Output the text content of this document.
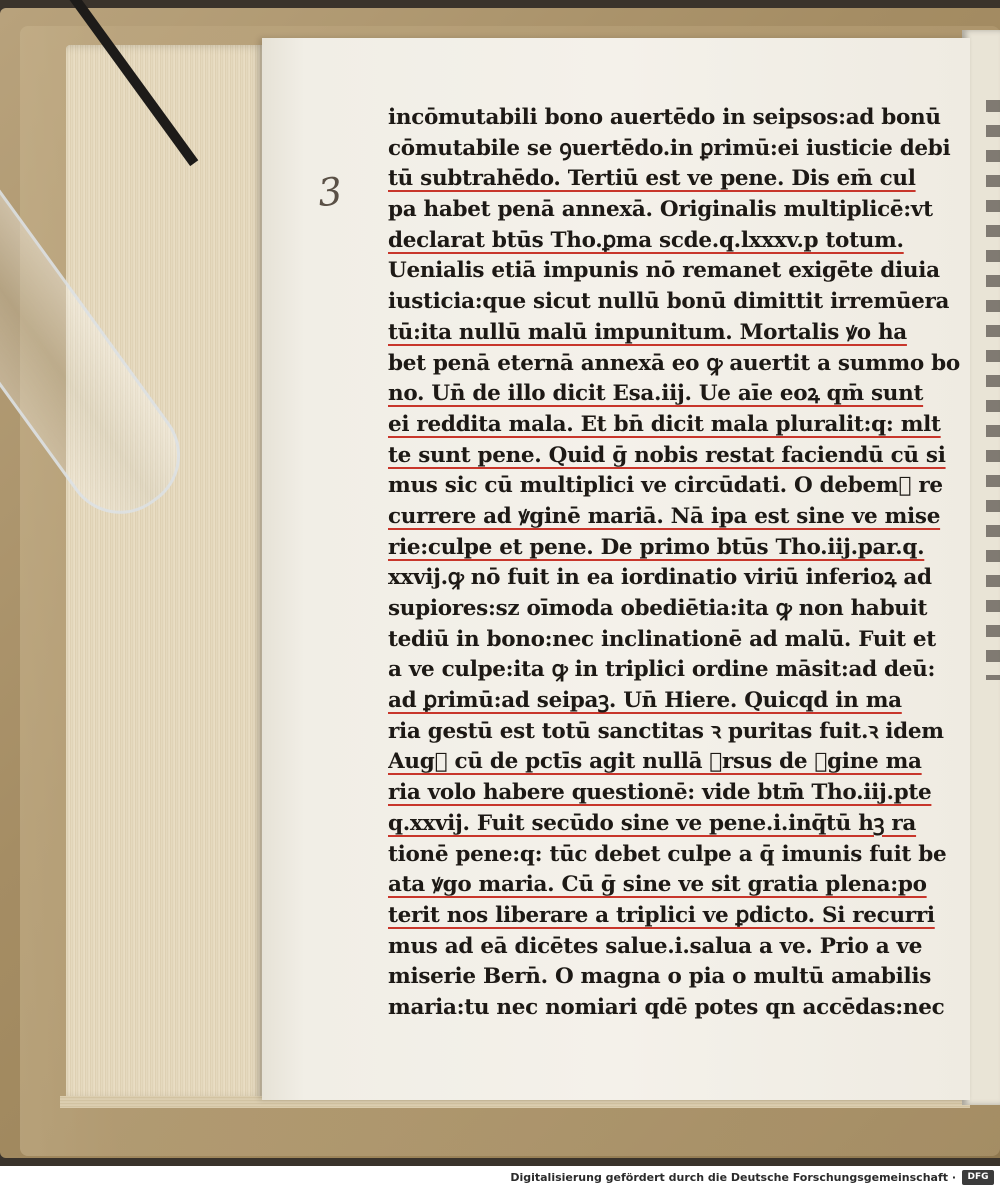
3
incōmutabili bono auertēdo in seipsos:ad bonū
cōmutabile se ꝯuertēdo.in ꝑrimū:ei iusticie debi
tū subtrahēdo. Tertiū est ve pene. Dis em̄ cul
pa habet penā annexā. Originalis multiplicē:vt
declarat btūs Tho.ꝑma scde.q.lxxxv.p totum.
Uenialis etiā impunis nō remanet exigēte diuia
iusticia:que sicut nullū bonū dimittit irremūera
tū:ita nullū malū impunitum. Mortalis ꝟo ha
bet penā eternā annexā eo ꝙ auertit a summo bo
no. Un̄ de illo dicit Esa.iij. Ue aīe eoꝝ qm̄ sunt
ei reddita mala. Et bn̄ dicit mala pluralit:q: mlt
te sunt pene. Quid ḡ nobis restat faciendū cū si
mus sic cū multiplici ve circūdati. O debem᷒ re
currere ad ꝟginē mariā. Nā ipa est sine ve mise
rie:culpe et pene. De primo btūs Tho.iij.par.q.
xxvij.ꝙ nō fuit in ea iordinatio viriū inferioꝝ ad
supiores:sz oīmoda obediētia:ita ꝙ non habuit
tediū in bono:nec inclinationē ad malū. Fuit et
a ve culpe:ita ꝙ in triplici ordine māsit:ad deū:
ad ꝑrimū:ad seipaꝫ. Un̄ Hiere. Quicqd in ma
ria gestū est totū sanctitas ꝛ puritas fuit.ꝛ idem
Aug᷒ cū de pctīs agit nullā ꝑrsus de ꝟgine ma
ria volo habere questionē: vide btm̄ Tho.iij.pte
q.xxvij. Fuit secūdo sine ve pene.i.inq̄tū hꝫ ra
tionē pene:q: tūc debet culpe a q̄ imunis fuit be
ata ꝟgo maria. Cū ḡ sine ve sit gratia plena:po
terit nos liberare a triplici ve ꝑdicto. Si recurri
mus ad eā dicētes salue.i.salua a ve. Prio a ve
miserie Bern̄. O magna o pia o multū amabilis
maria:tu nec nomiari qdē potes qn accēdas:nec
Digitalisierung gefördert durch die Deutsche Forschungsgemeinschaft ·	DFG
